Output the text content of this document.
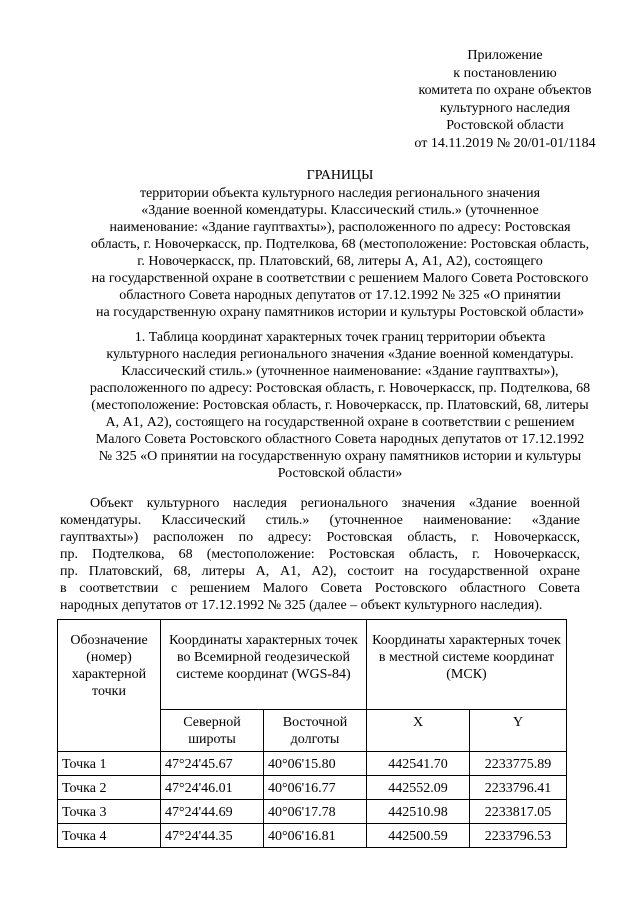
Приложение
к постановлению
комитета по охране объектов
культурного наследия
Ростовской области
от 14.11.2019 № 20/01-01/1184
ГРАНИЦЫ
территории объекта культурного наследия регионального значения
«Здание военной комендатуры. Классический стиль.» (уточненное
наименование: «Здание гауптвахты»), расположенного по адресу: Ростовская
область, г. Новочеркасск, пр. Подтелкова, 68 (местоположение: Ростовская область,
г. Новочеркасск, пр. Платовский, 68, литеры А, А1, А2), состоящего
на государственной охране в соответствии с решением Малого Совета Ростовского
областного Совета народных депутатов от 17.12.1992 № 325 «О принятии
на государственную охрану памятников истории и культуры Ростовской области»
1. Таблица координат характерных точек границ территории объекта
культурного наследия регионального значения «Здание военной комендатуры.
Классический стиль.» (уточненное наименование: «Здание гауптвахты»),
расположенного по адресу: Ростовская область, г. Новочеркасск, пр. Подтелкова, 68
(местоположение: Ростовская область, г. Новочеркасск, пр. Платовский, 68, литеры
А, А1, А2), состоящего на государственной охране в соответствии с решением
Малого Совета Ростовского областного Совета народных депутатов от 17.12.1992
№ 325 «О принятии на государственную охрану памятников истории и культуры
Ростовской области»
Объект культурного наследия регионального значения «Здание военной
комендатуры. Классический стиль.» (уточненное наименование: «Здание
гауптвахты») расположен по адресу: Ростовская область, г. Новочеркасск,
пр. Подтелкова, 68 (местоположение: Ростовская область, г. Новочеркасск,
пр. Платовский, 68, литеры А, А1, А2), состоит на государственной охране
в соответствии с решением Малого Совета Ростовского областного Совета
народных депутатов от 17.12.1992 № 325 (далее – объект культурного наследия).
Обозначение (номер) характерной точки	Координаты характерных точек во Всемирной геодезической системе координат (WGS-84)		Координаты характерных точек в местной системе координат (МСК)	
	Северной широты	Восточной долготы	X	Y
Точка 1	47°24'45.67	40°06'15.80	442541.70	2233775.89
Точка 2	47°24'46.01	40°06'16.77	442552.09	2233796.41
Точка 3	47°24'44.69	40°06'17.78	442510.98	2233817.05
Точка 4	47°24'44.35	40°06'16.81	442500.59	2233796.53
